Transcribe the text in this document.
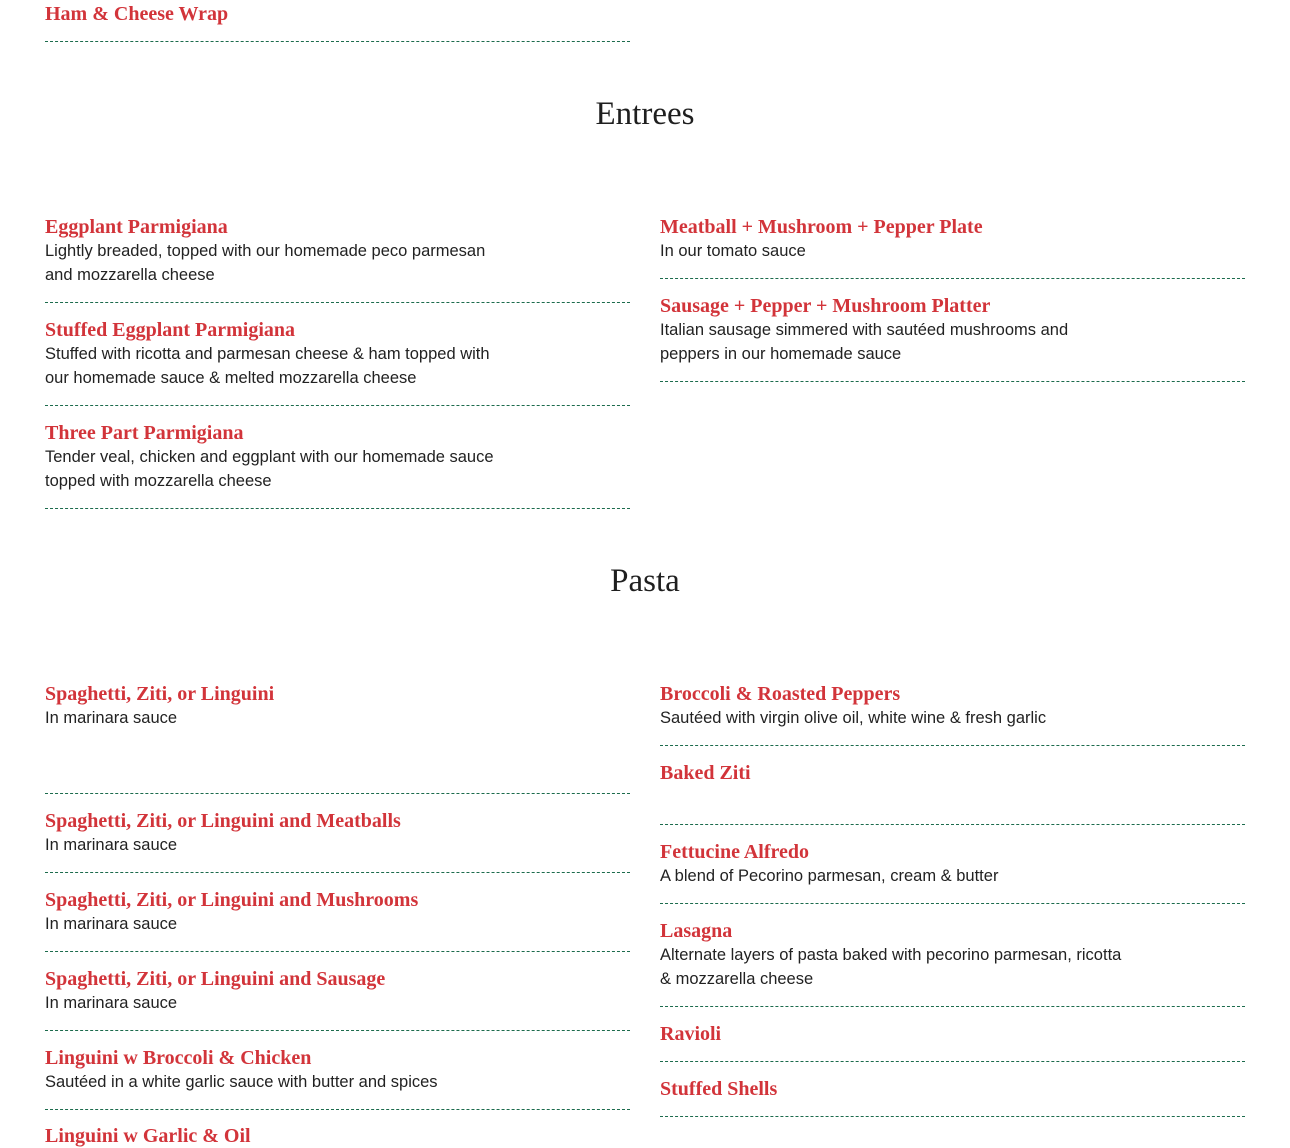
Ham & Cheese Wrap
Entrees
Eggplant Parmigiana

Lightly breaded, topped with our homemade peco parmesan and mozzarella cheese

Stuffed Eggplant Parmigiana

Stuffed with ricotta and parmesan cheese & ham topped with our homemade sauce & melted mozzarella cheese

Three Part Parmigiana

Tender veal, chicken and eggplant with our homemade sauce topped with mozzarella cheese

Meatball + Mushroom + Pepper Plate

In our tomato sauce

Sausage + Pepper + Mushroom Platter

Italian sausage simmered with sautéed mushrooms and peppers in our homemade sauce

Pasta
Spaghetti, Ziti, or Linguini

In marinara sauce

Spaghetti, Ziti, or Linguini and Meatballs

In marinara sauce

Spaghetti, Ziti, or Linguini and Mushrooms

In marinara sauce

Spaghetti, Ziti, or Linguini and Sausage

In marinara sauce

Linguini w Broccoli & Chicken

Sautéed in a white garlic sauce with butter and spices

Linguini w Garlic & Oil
Broccoli & Roasted Peppers

Sautéed with virgin olive oil, white wine & fresh garlic

Baked Ziti
Fettucine Alfredo

A blend of Pecorino parmesan, cream & butter

Lasagna

Alternate layers of pasta baked with pecorino parmesan, ricotta & mozzarella cheese

Ravioli
Stuffed Shells
